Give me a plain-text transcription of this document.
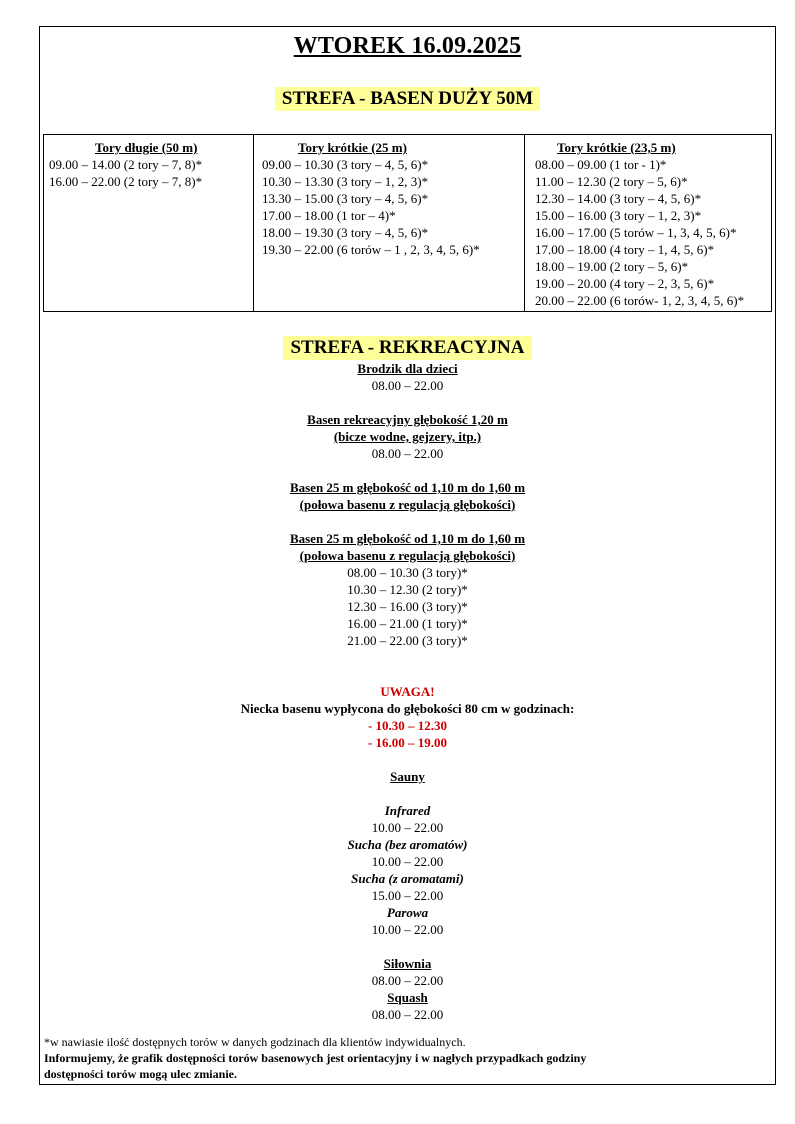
WTOREK 16.09.2025
STREFA - BASEN DUŻY 50M
Tory długie (50 m)
09.00 – 14.00 (2 tory – 7, 8)*
16.00 – 22.00 (2 tory – 7, 8)*

Tory krótkie (25 m)
09.00 – 10.30 (3 tory – 4, 5, 6)*
10.30 – 13.30 (3 tory – 1, 2, 3)*
13.30 – 15.00 (3 tory – 4, 5, 6)*
17.00 – 18.00 (1 tor – 4)*
18.00 – 19.30 (3 tory – 4, 5, 6)*
19.30 – 22.00 (6 torów – 1 , 2, 3, 4, 5, 6)*

Tory krótkie (23,5 m)
08.00 – 09.00 (1 tor - 1)*
11.00 – 12.30 (2 tory – 5, 6)*
12.30 – 14.00 (3 tory – 4, 5, 6)*
15.00 – 16.00 (3 tory – 1, 2, 3)*
16.00 – 17.00 (5 torów – 1, 3, 4, 5, 6)*
17.00 – 18.00 (4 tory – 1, 4, 5, 6)*
18.00 – 19.00 (2 tory – 5, 6)*
19.00 – 20.00 (4 tory – 2, 3, 5, 6)*
20.00 – 22.00 (6 torów- 1, 2, 3, 4, 5, 6)*
STREFA - REKREACYJNA
Brodzik dla dzieci
08.00 – 22.00
Basen rekreacyjny głębokość 1,20 m
(bicze wodne, gejzery, itp.)
08.00 – 22.00
Basen 25 m głębokość od 1,10 m do 1,60 m
(połowa basenu z regulacją głębokości)
Basen 25 m głębokość od 1,10 m do 1,60 m
(połowa basenu z regulacją głębokości)
08.00 – 10.30 (3 tory)*
10.30 – 12.30 (2 tory)*
12.30 – 16.00 (3 tory)*
16.00 – 21.00 (1 tory)*
21.00 – 22.00 (3 tory)*
UWAGA!
Niecka basenu wypłycona do głębokości 80 cm w godzinach:
- 10.30 – 12.30
- 16.00 – 19.00
Sauny
Infrared
10.00 – 22.00
Sucha (bez aromatów)
10.00 – 22.00
Sucha (z aromatami)
15.00 – 22.00
Parowa
10.00 – 22.00
Siłownia
08.00 – 22.00
Squash
08.00 – 22.00
*w nawiasie ilość dostępnych torów w danych godzinach dla klientów indywidualnych.
Informujemy, że grafik dostępności torów basenowych jest orientacyjny i w nagłych przypadkach godziny
dostępności torów mogą ulec zmianie.
